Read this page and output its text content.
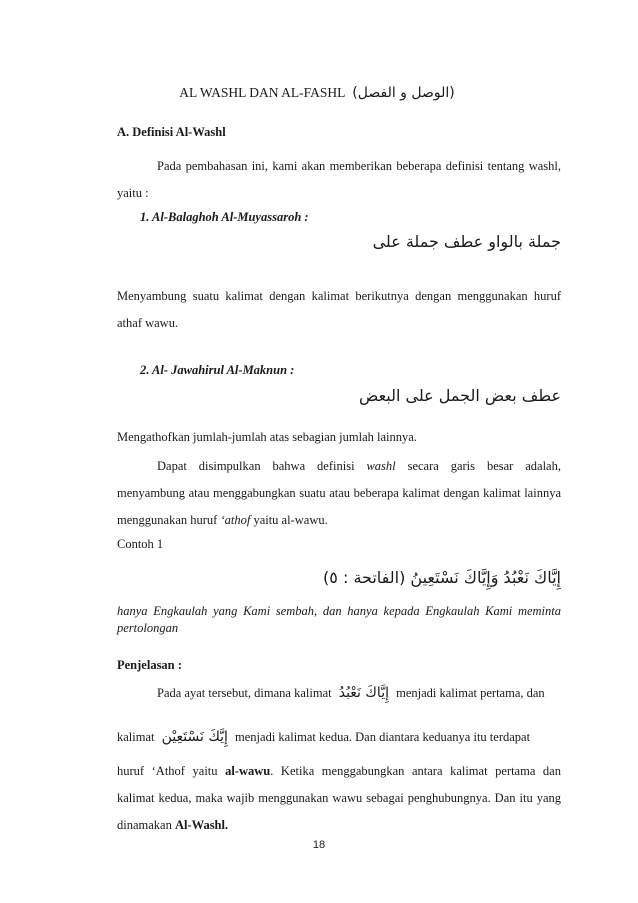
AL WASHL DAN AL-FASHL (الوصل و الفصل)
A. Definisi Al-Washl
Pada pembahasan ini, kami akan memberikan beberapa definisi tentang washl, yaitu :
1. Al-Balaghoh Al-Muyassaroh :
جملة بالواو عطف جملة على
Menyambung suatu kalimat dengan kalimat berikutnya dengan menggunakan huruf athaf wawu.
2. Al- Jawahirul Al-Maknun :
عطف بعض الجمل على البعض
Mengathofkan jumlah-jumlah atas sebagian jumlah lainnya.
Dapat disimpulkan bahwa definisi washl secara garis besar adalah, menyambung atau menggabungkan suatu atau beberapa kalimat dengan kalimat lainnya menggunakan huruf ‘athof yaitu al-wawu.
Contoh 1
إِيَّاكَ نَعْبُدُ وَإِيَّاكَ نَسْتَعِينُ (الفاتحة : ٥)
hanya Engkaulah yang Kami sembah, dan hanya kepada Engkaulah Kami meminta pertolongan
Penjelasan :
Pada ayat tersebut, dimana kalimat إِيَّاكَ نَعْبُدُ menjadi kalimat pertama, dan
kalimat إِيَّكَ نَسْتَعِيْن menjadi kalimat kedua. Dan diantara keduanya itu terdapat
huruf ‘Athof yaitu al-wawu. Ketika menggabungkan antara kalimat pertama dan kalimat kedua, maka wajib menggunakan wawu sebagai penghubungnya. Dan itu yang dinamakan Al-Washl.
18
